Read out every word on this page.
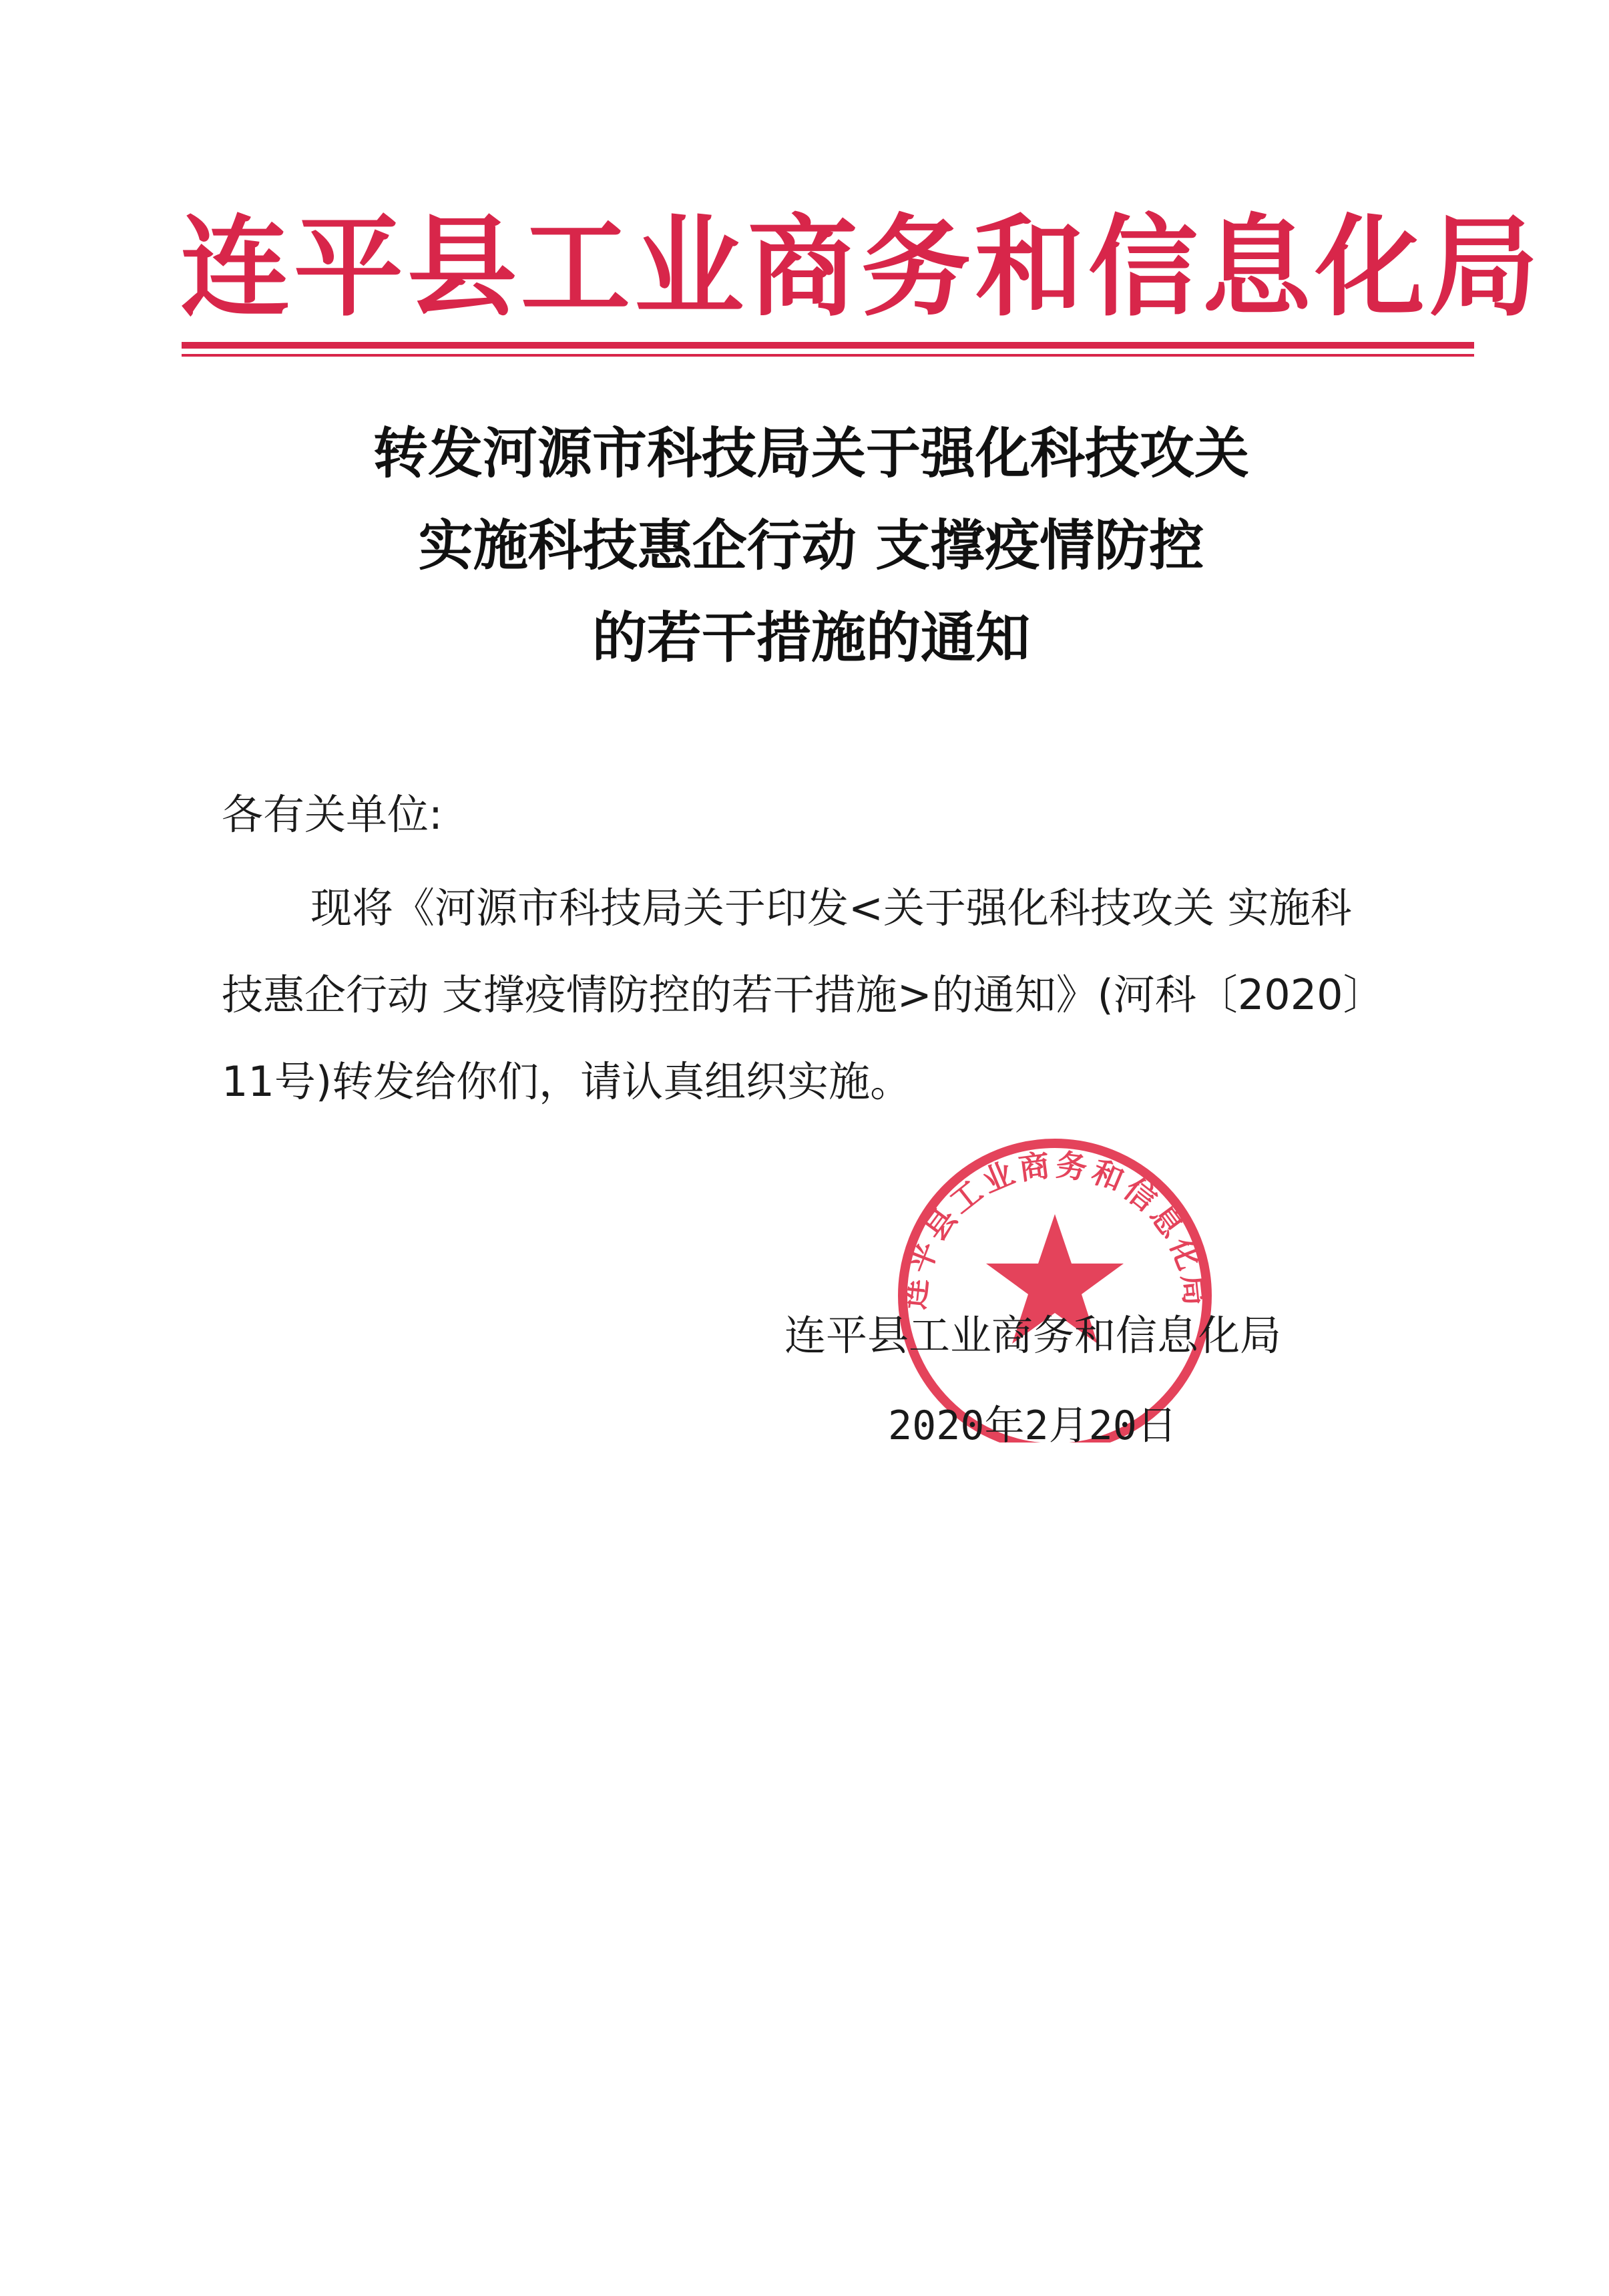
连平县工业商务和信息化局
转发河源市科技局关于强化科技攻关
实施科技惠企行动 支撑疫情防控
的若干措施的通知
各有关单位:
现将《河源市科技局关于印发<关于强化科技攻关 实施科
技惠企行动 支撑疫情防控的若干措施>的通知》(河科〔2020〕
11号)转发给你们，请认真组织实施。
连平县工业商务和信息化局
连平县工业商务和信息化局
2020年2月20日
